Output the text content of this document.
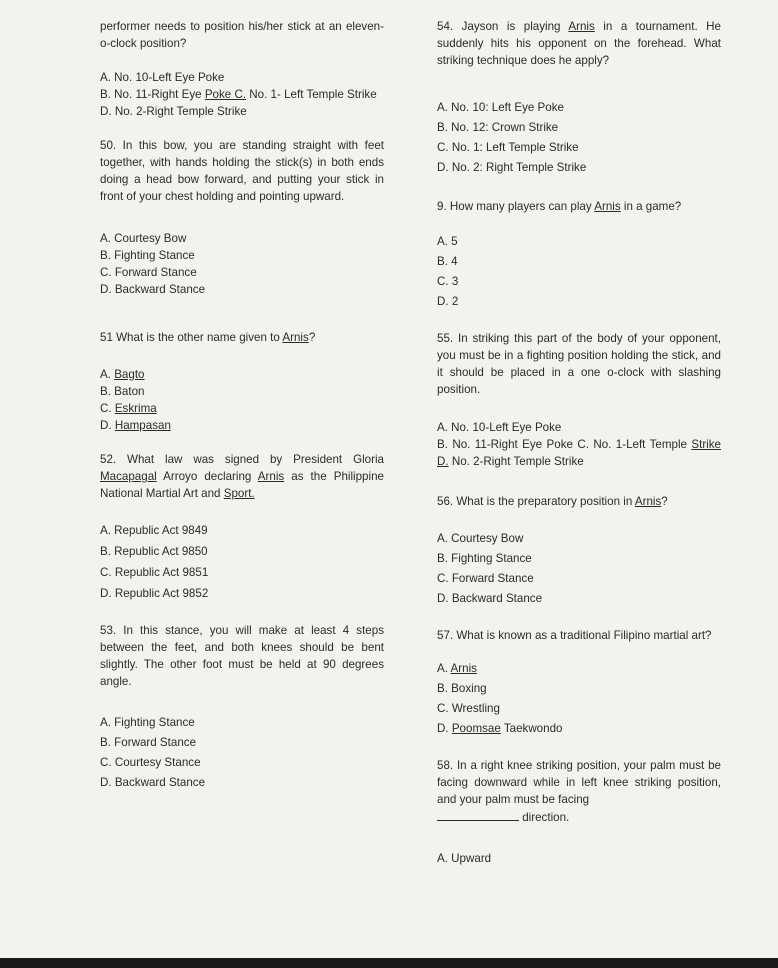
performer needs to position his/her stick at an eleven-o-clock position?
A. No. 10-Left Eye Poke
B. No. 11-Right Eye Poke C. No. 1- Left Temple Strike
D. No. 2-Right Temple Strike
50. In this bow, you are standing straight with feet together, with hands holding the stick(s) in both ends doing a head bow forward, and putting your stick in front of your chest holding and pointing upward.
A. Courtesy Bow
B. Fighting Stance
C. Forward Stance
D. Backward Stance
51 What is the other name given to Arnis?
A. Bagto
B. Baton
C. Eskrima
D. Hampasan
52. What law was signed by President Gloria Macapagal Arroyo declaring Arnis as the Philippine National Martial Art and Sport.
A. Republic Act 9849
B. Republic Act 9850
C. Republic Act 9851
D. Republic Act 9852
53. In this stance, you will make at least 4 steps between the feet, and both knees should be bent slightly. The other foot must be held at 90 degrees angle.
A. Fighting Stance
B. Forward Stance
C. Courtesy Stance
D. Backward Stance
54. Jayson is playing Arnis in a tournament. He suddenly hits his opponent on the forehead. What striking technique does he apply?
A. No. 10: Left Eye Poke
B. No. 12: Crown Strike
C. No. 1: Left Temple Strike
D. No. 2: Right Temple Strike
9. How many players can play Arnis in a game?
A. 5
B. 4
C. 3
D. 2
55. In striking this part of the body of your opponent, you must be in a fighting position holding the stick, and it should be placed in a one o-clock with slashing position.
A. No. 10-Left Eye Poke
B. No. 11-Right Eye Poke C. No. 1-Left Temple Strike D. No. 2-Right Temple Strike
56. What is the preparatory position in Arnis?
A. Courtesy Bow
B. Fighting Stance
C. Forward Stance
D. Backward Stance
57. What is known as a traditional Filipino martial art?
A. Arnis
B. Boxing
C. Wrestling
D. Poomsae Taekwondo
58. In a right knee striking position, your palm must be facing downward while in left knee striking position, and your palm must be facing
direction.
A. Upward
